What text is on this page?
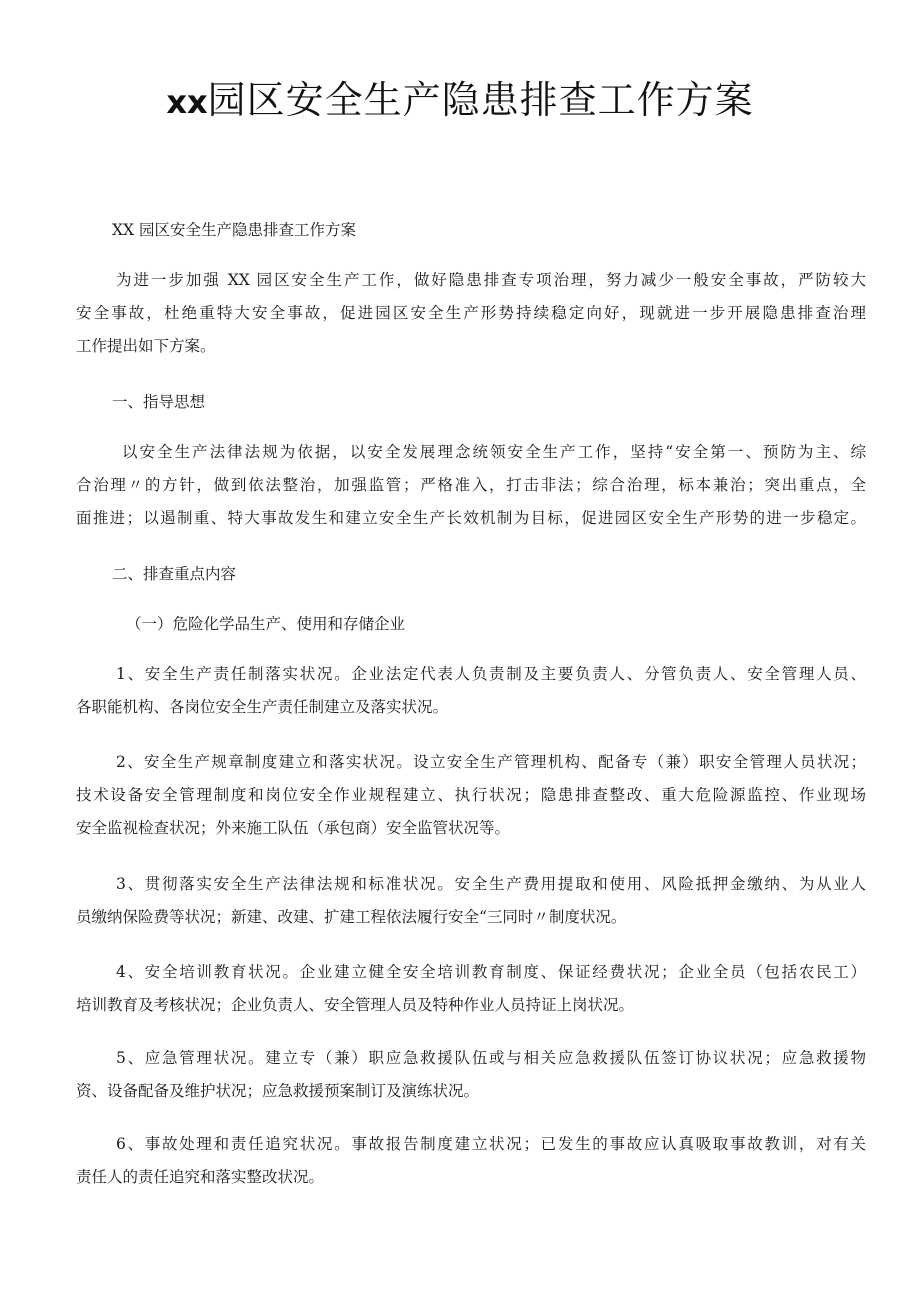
xx园区安全生产隐患排查工作方案
XX 园区安全生产隐患排查工作方案
为进一步加强 XX 园区安全生产工作，做好隐患排查专项治理，努力减少一般安全事故，严防较大
安全事故，杜绝重特大安全事故，促进园区安全生产形势持续稳定向好，现就进一步开展隐患排查治理
工作提出如下方案。
一、指导思想
以安全生产法律法规为依据，以安全发展理念统领安全生产工作，坚持“安全第一、预防为主、综
合治理〃的方针，做到依法整治，加强监管；严格准入，打击非法；综合治理，标本兼治；突出重点，全
面推进；以遏制重、特大事故发生和建立安全生产长效机制为目标，促进园区安全生产形势的进一步稳定。
二、排查重点内容
（一）危险化学品生产、使用和存储企业
1、安全生产责任制落实状况。企业法定代表人负责制及主要负责人、分管负责人、安全管理人员、
各职能机构、各岗位安全生产责任制建立及落实状况。
2、安全生产规章制度建立和落实状况。设立安全生产管理机构、配备专（兼）职安全管理人员状况；
技术设备安全管理制度和岗位安全作业规程建立、执行状况；隐患排查整改、重大危险源监控、作业现场
安全监视检查状况；外来施工队伍（承包商）安全监管状况等。
3、贯彻落实安全生产法律法规和标准状况。安全生产费用提取和使用、风险抵押金缴纳、为从业人
员缴纳保险费等状况；新建、改建、扩建工程依法履行安全“三同时〃制度状况。
4、安全培训教育状况。企业建立健全安全培训教育制度、保证经费状况；企业全员（包括农民工）
培训教育及考核状况；企业负责人、安全管理人员及特种作业人员持证上岗状况。
5、应急管理状况。建立专（兼）职应急救援队伍或与相关应急救援队伍签订协议状况；应急救援物
资、设备配备及维护状况；应急救援预案制订及演练状况。
6、事故处理和责任追究状况。事故报告制度建立状况；已发生的事故应认真吸取事故教训，对有关
责任人的责任追究和落实整改状况。
